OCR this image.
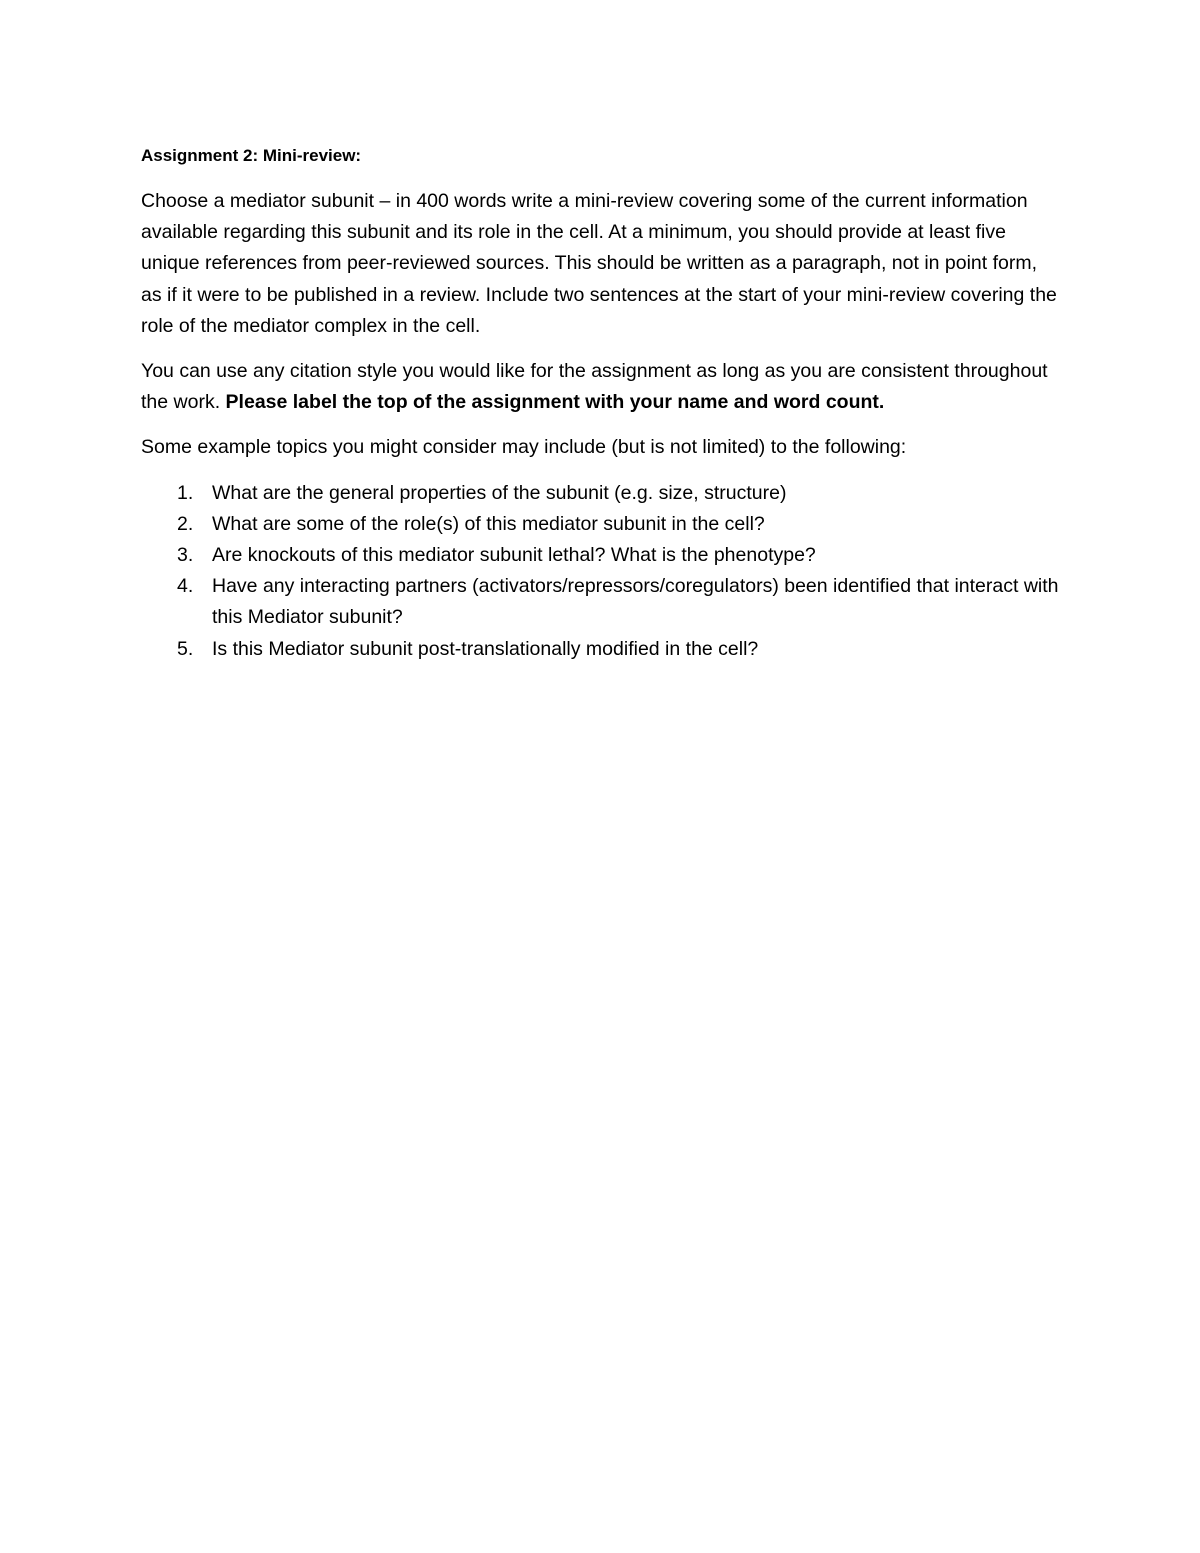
Assignment 2: Mini-review:

Choose a mediator subunit – in 400 words write a mini-review covering some of the current information available regarding this subunit and its role in the cell. At a minimum, you should provide at least five unique references from peer-reviewed sources. This should be written as a paragraph, not in point form, as if it were to be published in a review. Include two sentences at the start of your mini-review covering the role of the mediator complex in the cell.

You can use any citation style you would like for the assignment as long as you are consistent throughout the work. Please label the top of the assignment with your name and word count.

Some example topics you might consider may include (but is not limited) to the following:

1. What are the general properties of the subunit (e.g. size, structure)
2. What are some of the role(s) of this mediator subunit in the cell?
3. Are knockouts of this mediator subunit lethal? What is the phenotype?
4. Have any interacting partners (activators/repressors/coregulators) been identified that interact with this Mediator subunit?
5. Is this Mediator subunit post-translationally modified in the cell?
